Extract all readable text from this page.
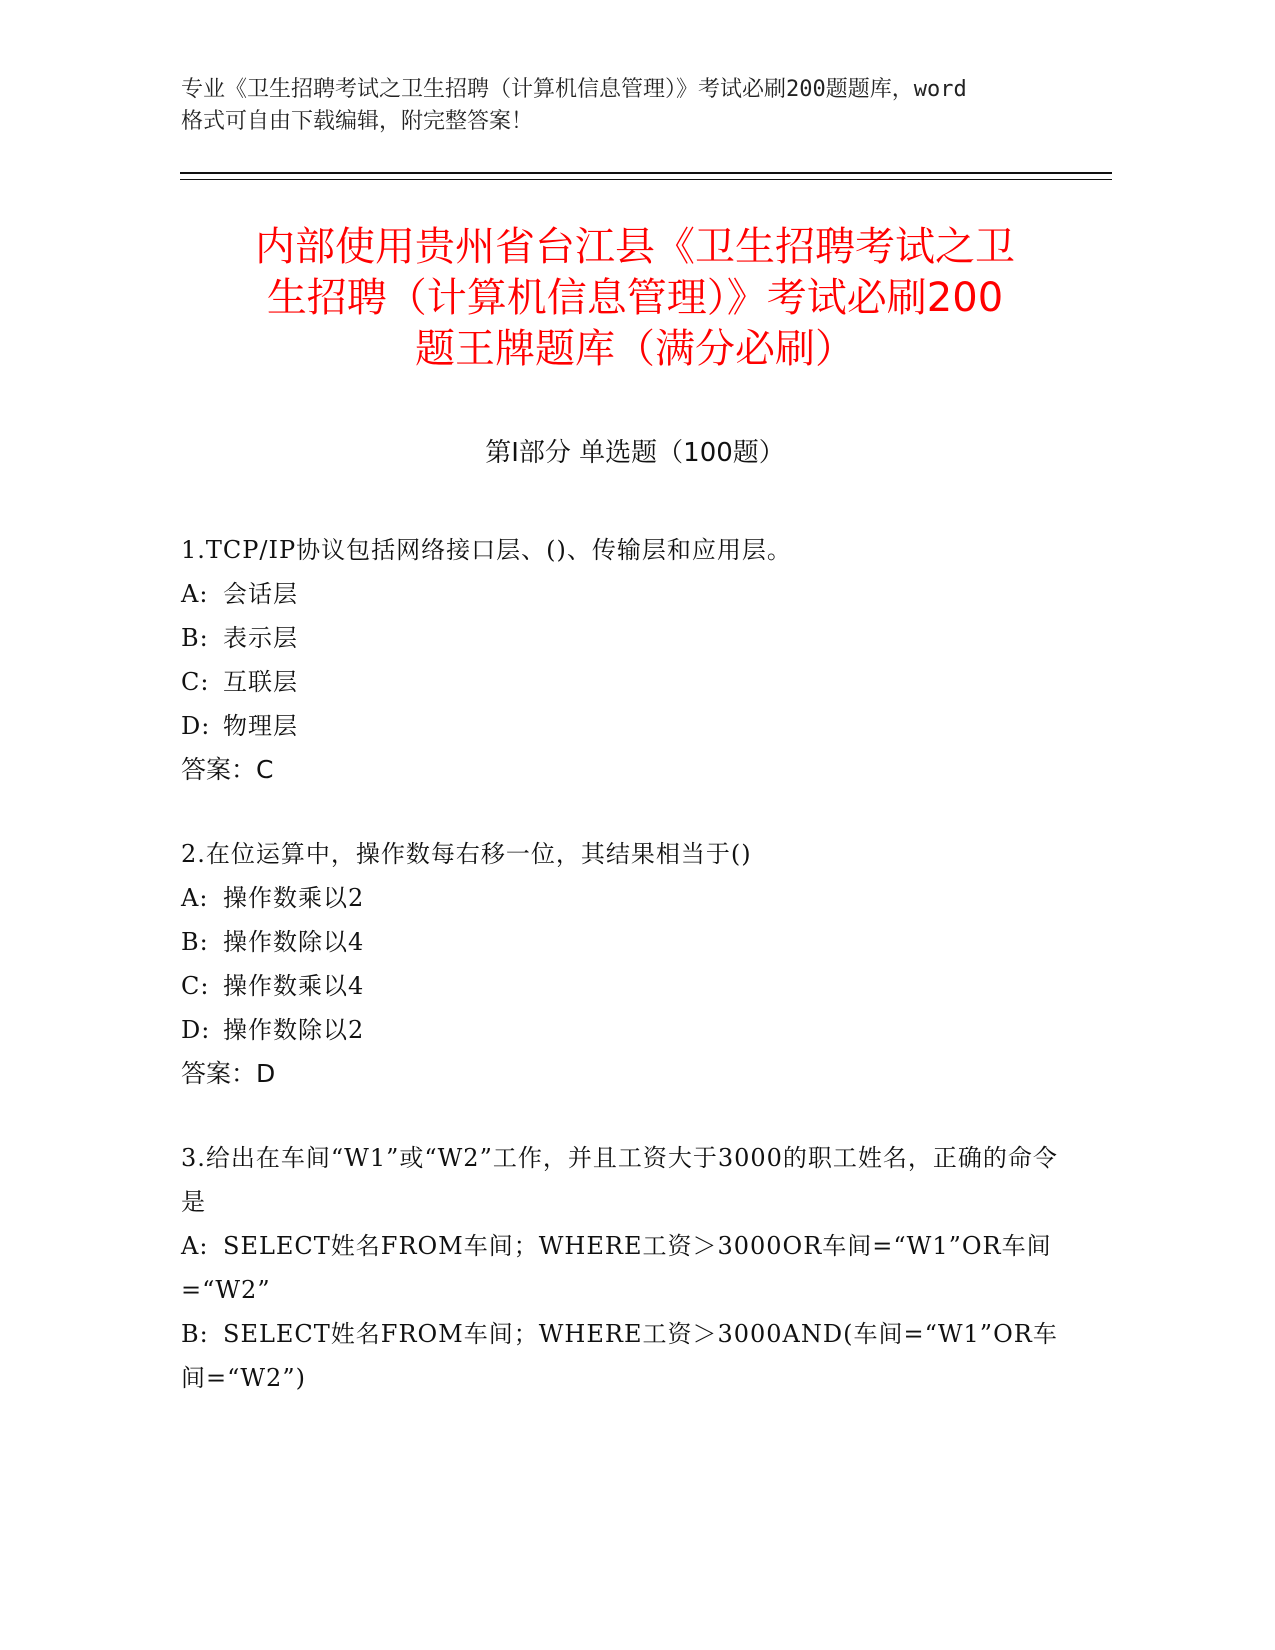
专业《卫生招聘考试之卫生招聘（计算机信息管理）》考试必刷200题题库，word
格式可自由下载编辑，附完整答案！
内部使用贵州省台江县《卫生招聘考试之卫
生招聘（计算机信息管理）》考试必刷200
题王牌题库（满分必刷）
第I部分 单选题（100题）
1.TCP/IP协议包括网络接口层、()、传输层和应用层。
A: 会话层
B: 表示层
C: 互联层
D: 物理层
答案：C
2.在位运算中，操作数每右移一位，其结果相当于()
A: 操作数乘以2
B: 操作数除以4
C: 操作数乘以4
D: 操作数除以2
答案：D
3.给出在车间“W1”或“W2”工作，并且工资大于3000的职工姓名，正确的命令是
A: SELECT姓名FROM车间；WHERE工资＞3000OR车间=“W1”OR车间=“W2”
B: SELECT姓名FROM车间；WHERE工资＞3000AND(车间=“W1”OR车间=“W2”)
